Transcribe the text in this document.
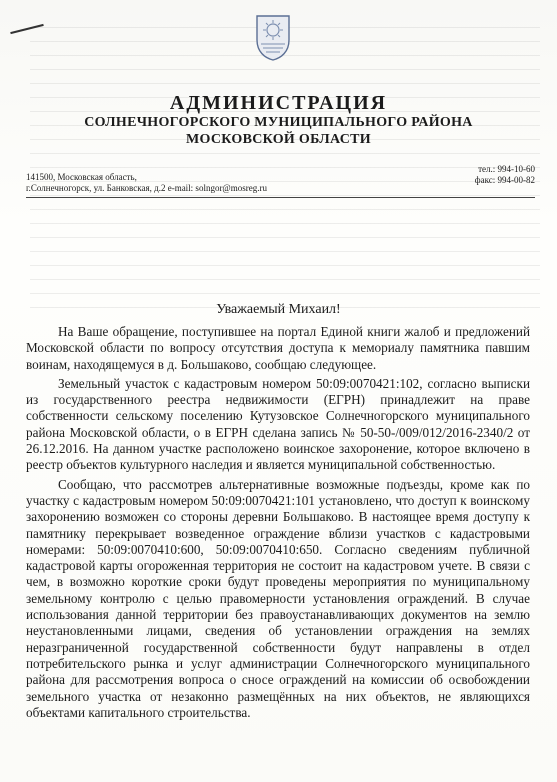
АДМИНИСТРАЦИЯ
СОЛНЕЧНОГОРСКОГО МУНИЦИПАЛЬНОГО РАЙОНА
МОСКОВСКОЙ ОБЛАСТИ
тел.: 994-10-60
факс: 994-00-82
141500, Московская область,
г.Солнечногорск, ул. Банковская, д.2 e-mail: solngor@mosreg.ru
Уважаемый Михаил!

На Ваше обращение, поступившее на портал Единой книги жалоб и предложений Московской области по вопросу отсутствия доступа к мемориалу памятника павшим воинам, находящемуся в д. Большаково, сообщаю следующее.

Земельный участок с кадастровым номером 50:09:0070421:102, согласно выписки из государственного реестра недвижимости (ЕГРН) принадлежит на праве собственности сельскому поселению Кутузовское Солнечногорского муниципального района Московской области, о в ЕГРН сделана запись № 50-50-/009/012/2016-2340/2 от 26.12.2016. На данном участке расположено воинское захоронение, которое включено в реестр объектов культурного наследия и является муниципальной собственностью.

Сообщаю, что рассмотрев альтернативные возможные подъезды, кроме как по участку с кадастровым номером 50:09:0070421:101 установлено, что доступ к воинскому захоронению возможен со стороны деревни Большаково. В настоящее время доступу к памятнику перекрывает возведенное ограждение вблизи участков с кадастровыми номерами: 50:09:0070410:600, 50:09:0070410:650. Согласно сведениям публичной кадастровой карты огороженная территория не состоит на кадастровом учете. В связи с чем, в возможно короткие сроки будут проведены мероприятия по муниципальному земельному контролю с целью правомерности установления ограждений. В случае использования данной территории без правоустанавливающих документов на землю неустановленными лицами, сведения об установлении ограждения на землях неразграниченной государственной собственности будут направлены в отдел потребительского рынка и услуг администрации Солнечногорского муниципального района для рассмотрения вопроса о сносе ограждений на комиссии об освобождении земельного участка от незаконно размещённых на них объектов, не являющихся объектами капитального строительства.
